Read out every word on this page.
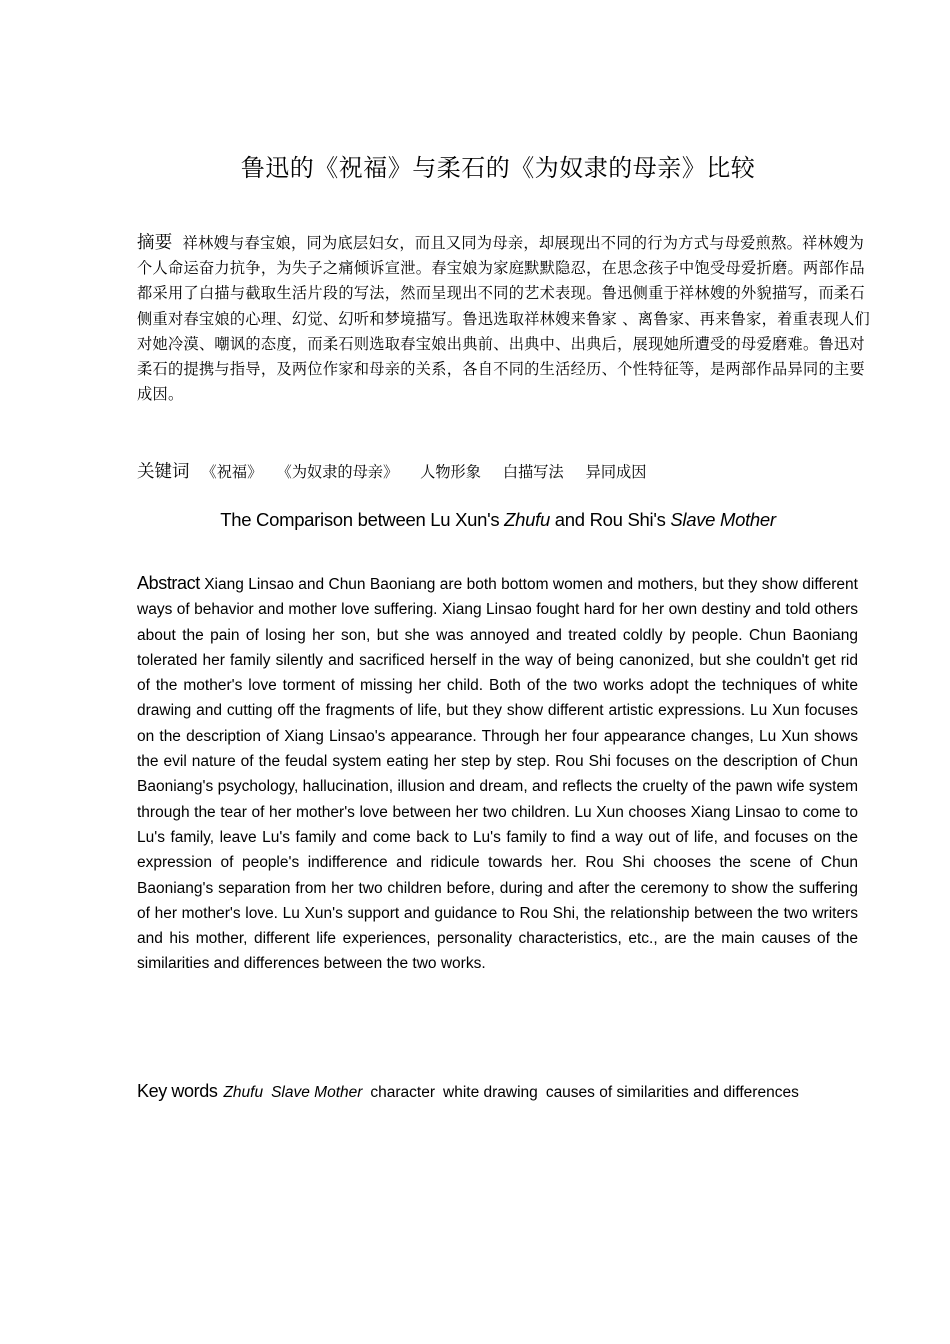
鲁迅的《祝福》与柔石的《为奴隶的母亲》比较
摘要 祥林嫂与春宝娘，同为底层妇女，而且又同为母亲，却展现出不同的行为方式与母爱煎熬。祥林嫂为个人命运奋力抗争，为失子之痛倾诉宣泄。春宝娘为家庭默默隐忍，在思念孩子中饱受母爱折磨。两部作品都采用了白描与截取生活片段的写法，然而呈现出不同的艺术表现。鲁迅侧重于祥林嫂的外貌描写，而柔石侧重对春宝娘的心理、幻觉、幻听和梦境描写。鲁迅选取祥林嫂来鲁家 、离鲁家、再来鲁家，着重表现人们对她冷漠、嘲讽的态度，而柔石则选取春宝娘出典前、出典中、出典后，展现她所遭受的母爱磨难。鲁迅对柔石的提携与指导，及两位作家和母亲的关系，各自不同的生活经历、个性特征等，是两部作品异同的主要成因。
关键词 《祝福》 《为奴隶的母亲》 人物形象 白描写法 异同成因
The Comparison between Lu Xun's Zhufu and Rou Shi's Slave Mother
Abstract Xiang Linsao and Chun Baoniang are both bottom women and mothers, but they show different ways of behavior and mother love suffering. Xiang Linsao fought hard for her own destiny and told others about the pain of losing her son, but she was annoyed and treated coldly by people. Chun Baoniang tolerated her family silently and sacrificed herself in the way of being canonized, but she couldn't get rid of the mother's love torment of missing her child. Both of the two works adopt the techniques of white drawing and cutting off the fragments of life, but they show different artistic expressions. Lu Xun focuses on the description of Xiang Linsao's appearance. Through her four appearance changes, Lu Xun shows the evil nature of the feudal system eating her step by step. Rou Shi focuses on the description of Chun Baoniang's psychology, hallucination, illusion and dream, and reflects the cruelty of the pawn wife system through the tear of her mother's love between her two children. Lu Xun chooses Xiang Linsao to come to Lu's family, leave Lu's family and come back to Lu's family to find a way out of life, and focuses on the expression of people's indifference and ridicule towards her. Rou Shi chooses the scene of Chun Baoniang's separation from her two children before, during and after the ceremony to show the suffering of her mother's love. Lu Xun's support and guidance to Rou Shi, the relationship between the two writers and his mother, different life experiences, personality characteristics, etc., are the main causes of the similarities and differences between the two works.
Key words Zhufu Slave Mother character white drawing causes of similarities and differences
